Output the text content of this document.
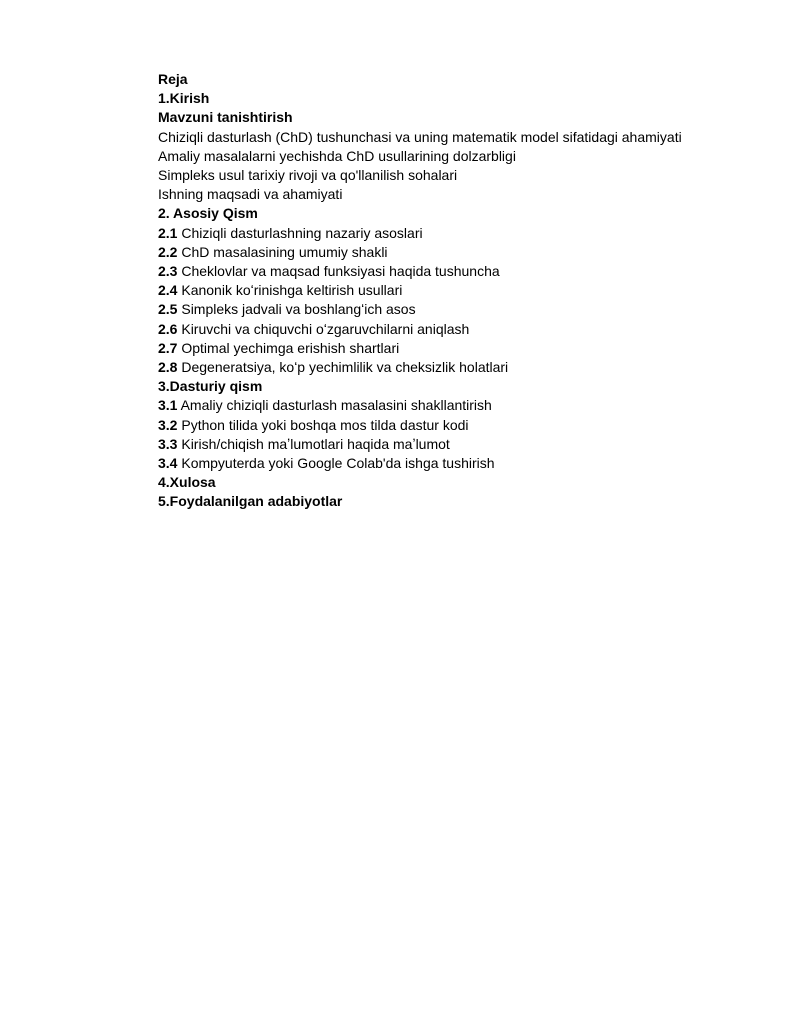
Reja
1.Kirish
Mavzuni tanishtirish
Chiziqli dasturlash (ChD) tushunchasi va uning matematik model sifatidagi ahamiyati
Amaliy masalalarni yechishda ChD usullarining dolzarbligi
Simpleks usul tarixiy rivoji va qo'llanilish sohalari
Ishning maqsadi va ahamiyati
2. Asosiy Qism
2.1 Chiziqli dasturlashning nazariy asoslari
2.2 ChD masalasining umumiy shakli
2.3 Cheklovlar va maqsad funksiyasi haqida tushuncha
2.4 Kanonik koʻrinishga keltirish usullari
2.5 Simpleks jadvali va boshlangʻich asos
2.6 Kiruvchi va chiquvchi oʻzgaruvchilarni aniqlash
2.7 Optimal yechimga erishish shartlari
2.8 Degeneratsiya, koʻp yechimlilik va cheksizlik holatlari
3.Dasturiy qism
3.1 Amaliy chiziqli dasturlash masalasini shakllantirish
3.2 Python tilida yoki boshqa mos tilda dastur kodi
3.3 Kirish/chiqish maʼlumotlari haqida maʼlumot
3.4 Kompyuterda yoki Google Colab'da ishga tushirish
4.Xulosa
5.Foydalanilgan adabiyotlar
